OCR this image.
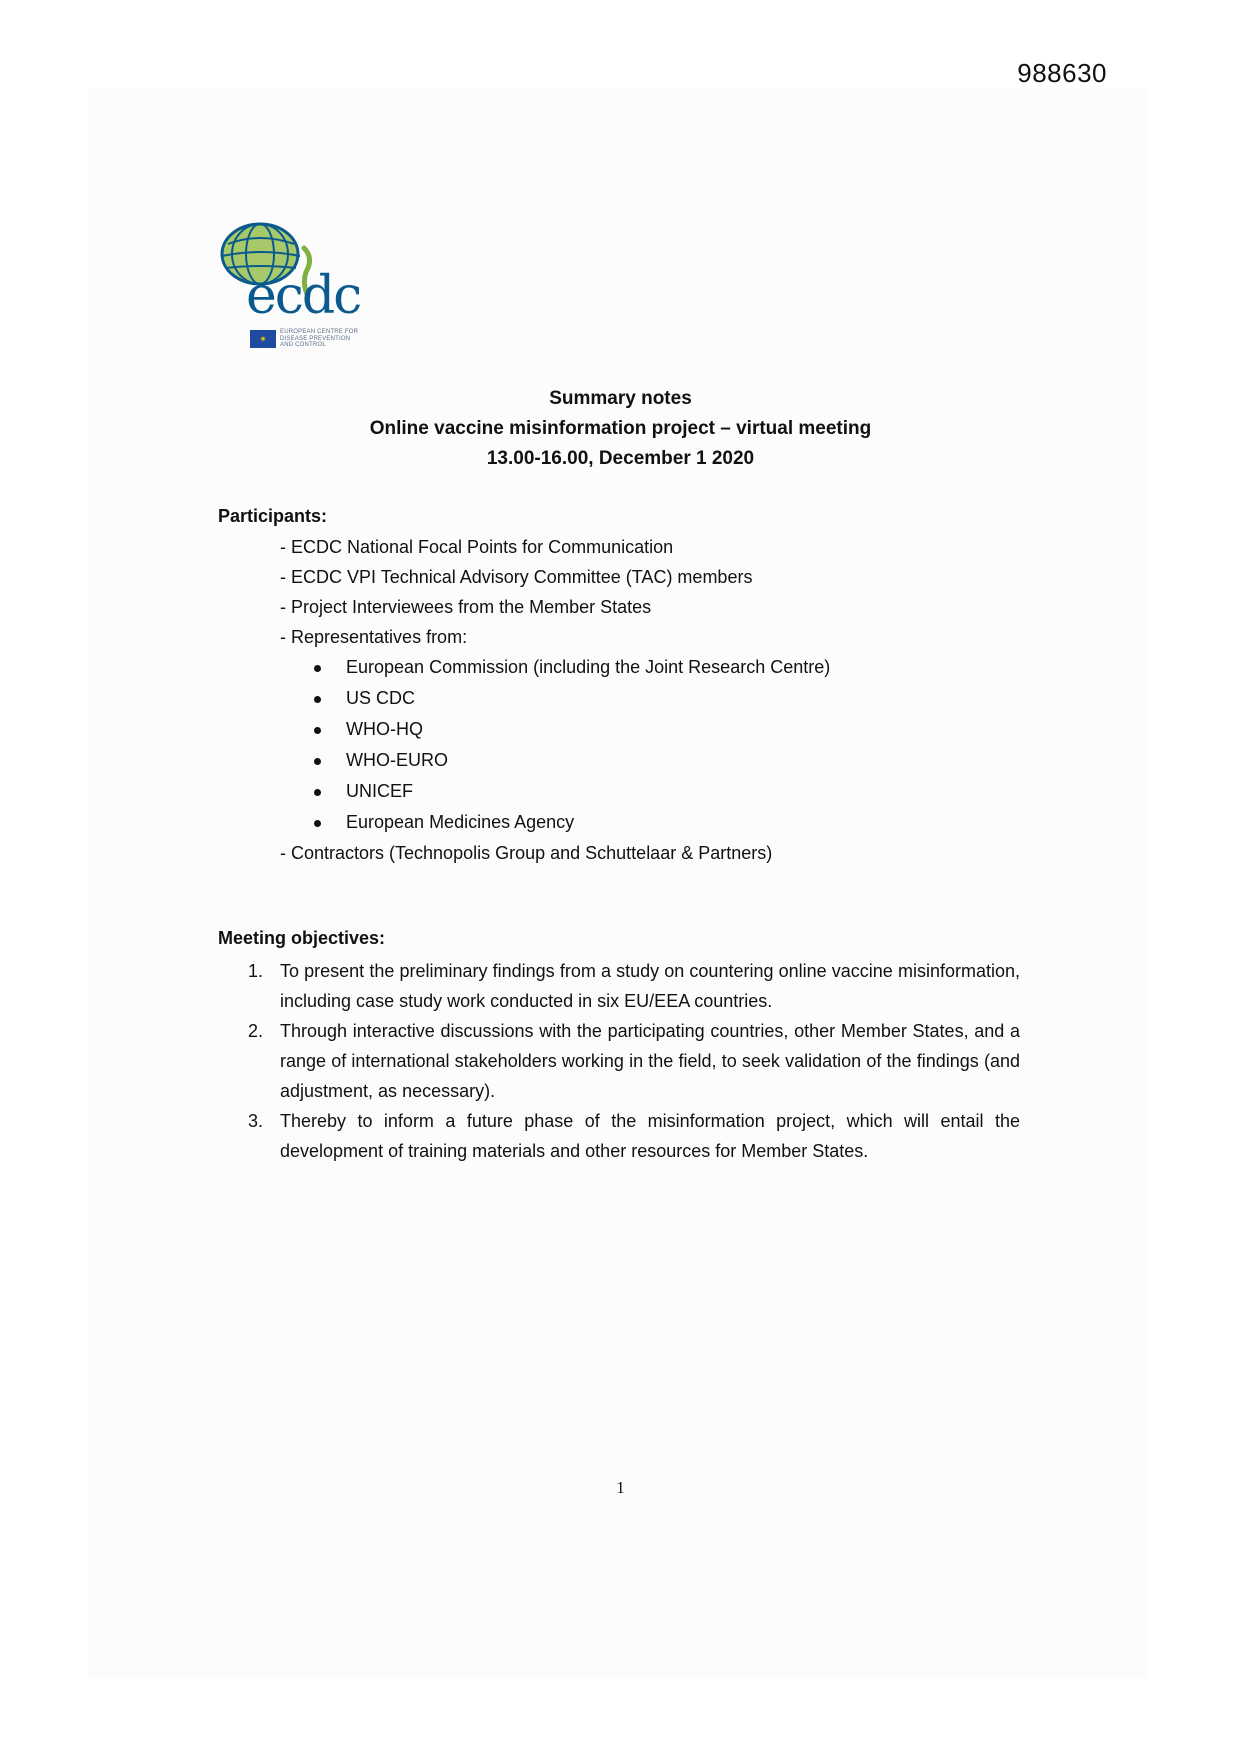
988630
ecdc
✶
EUROPEAN CENTRE FOR
DISEASE PREVENTION
AND CONTROL
Summary notes
Online vaccine misinformation project – virtual meeting
13.00-16.00, December 1 2020
Participants:
- ECDC National Focal Points for Communication
- ECDC VPI Technical Advisory Committee (TAC) members
- Project Interviewees from the Member States
- Representatives from:
European Commission (including the Joint Research Centre)
US CDC
WHO-HQ
WHO-EURO
UNICEF
European Medicines Agency
- Contractors (Technopolis Group and Schuttelaar & Partners)
Meeting objectives:
1. To present the preliminary findings from a study on countering online vaccine misinformation, including case study work conducted in six EU/EEA countries.
2. Through interactive discussions with the participating countries, other Member States, and a range of international stakeholders working in the field, to seek validation of the findings (and adjustment, as necessary).
3. Thereby to inform a future phase of the misinformation project, which will entail the development of training materials and other resources for Member States.
1
